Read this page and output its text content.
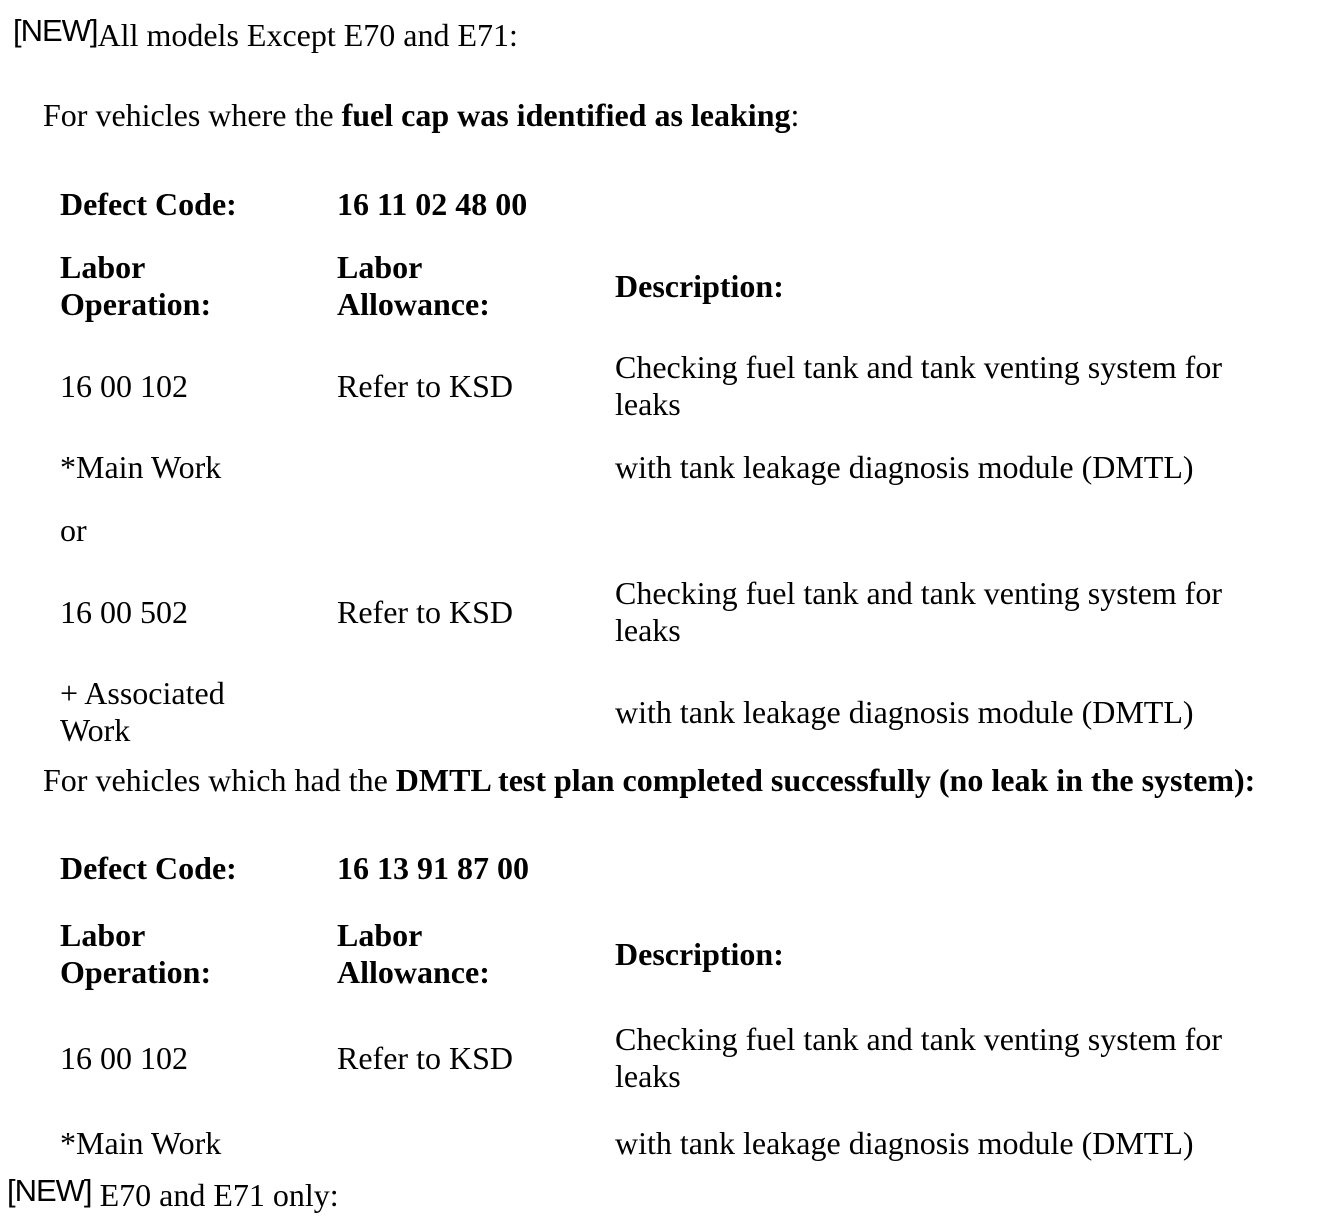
[NEW]All models Except E70 and E71:

For vehicles where the fuel cap was identified as leaking:

Defect Code:	16 11 02 48 00	

Labor Operation:	Labor Allowance:	Description:

16 00 102	Refer to KSD	Checking fuel tank and tank venting system for leaks

*Main Work		with tank leakage diagnosis module (DMTL)

or		

16 00 502	Refer to KSD	Checking fuel tank and tank venting system for leaks

+ Associated Work		with tank leakage diagnosis module (DMTL)

For vehicles which had the DMTL test plan completed successfully (no leak in the system):

Defect Code:	16 13 91 87 00	

Labor Operation:	Labor Allowance:	Description:

16 00 102	Refer to KSD	Checking fuel tank and tank venting system for leaks

*Main Work		with tank leakage diagnosis module (DMTL)

[NEW] E70 and E71 only:
